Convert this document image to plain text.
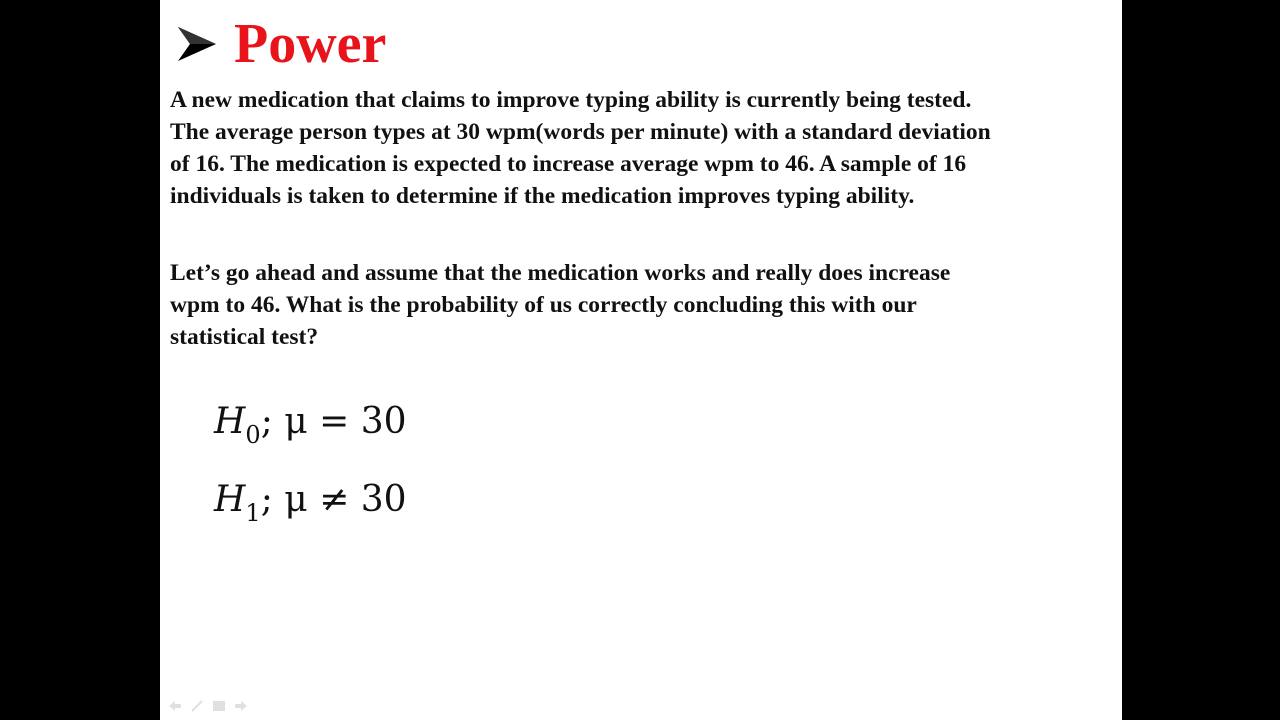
Power

A new medication that claims to improve typing ability is currently being tested.
The average person types at 30 wpm(words per minute) with a standard deviation
of 16. The medication is expected to increase average wpm to 46. A sample of 16
individuals is taken to determine if the medication improves typing ability.

Let’s go ahead and assume that the medication works and really does increase
wpm to 46. What is the probability of us correctly concluding this with our
statistical test?

$H_0$; μ = 30
$H_1$; μ ≠ 30
